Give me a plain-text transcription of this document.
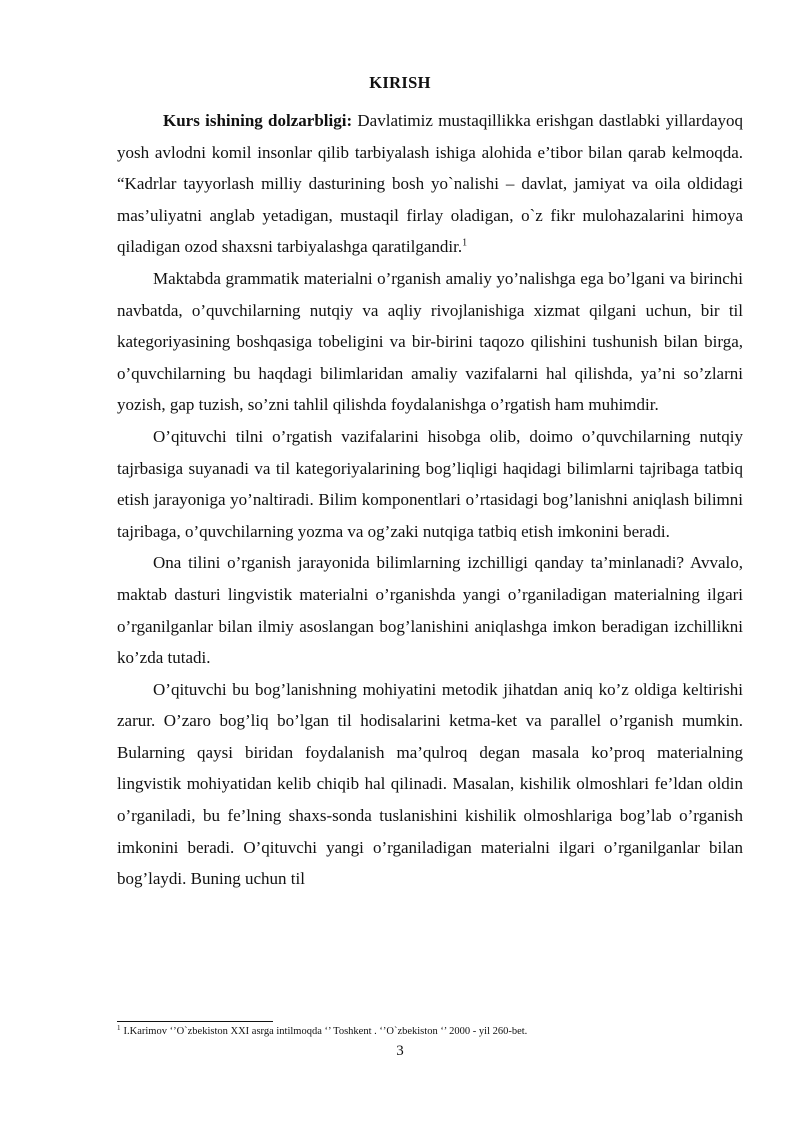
KIRISH

Kurs ishining dolzarbligi: Davlatimiz mustaqillikka erishgan dastlabki yillardayoq yosh avlodni komil insonlar qilib tarbiyalash ishiga alohida e’tibor bilan qarab kelmoqda. “Kadrlar tayyorlash milliy dasturining bosh yo`nalishi – davlat, jamiyat va oila oldidagi mas’uliyatni anglab yetadigan, mustaqil firlay oladigan, o`z fikr mulohazalarini himoya qiladigan ozod shaxsni tarbiyalashga qaratilgandir.$^1$

Maktabda grammatik materialni o’rganish amaliy yo’nalishga ega bo’lgani va birinchi navbatda, o’quvchilarning nutqiy va aqliy rivojlanishiga xizmat qilgani uchun, bir til kategoriyasining boshqasiga tobeligini va bir-birini taqozo qilishini tushunish bilan birga, o’quvchilarning bu haqdagi bilimlaridan amaliy vazifalarni hal qilishda, ya’ni so’zlarni yozish, gap tuzish, so’zni tahlil qilishda foydalanishga o’rgatish ham muhimdir.

O’qituvchi tilni o’rgatish vazifalarini hisobga olib, doimo o’quvchilarning nutqiy tajrbasiga suyanadi va til kategoriyalarining bog’liqligi haqidagi bilimlarni tajribaga tatbiq etish jarayoniga yo’naltiradi. Bilim komponentlari o’rtasidagi bog’lanishni aniqlash bilimni tajribaga, o’quvchilarning yozma va og’zaki nutqiga tatbiq etish imkonini beradi.

Ona tilini o’rganish jarayonida bilimlarning izchilligi qanday ta’minlanadi? Avvalo, maktab dasturi lingvistik materialni o’rganishda yangi o’rganiladigan materialning ilgari o’rganilganlar bilan ilmiy asoslangan bog’lanishini aniqlashga imkon beradigan izchillikni ko’zda tutadi.

O’qituvchi bu bog’lanishning mohiyatini metodik jihatdan aniq ko’z oldiga keltirishi zarur. O’zaro bog’liq bo’lgan til hodisalarini ketma-ket va parallel o’rganish mumkin. Bularning qaysi biridan foydalanish ma’qulroq degan masala ko’proq materialning lingvistik mohiyatidan kelib chiqib hal qilinadi. Masalan, kishilik olmoshlari fe’ldan oldin o’rganiladi, bu fe’lning shaxs-sonda tuslanishini kishilik olmoshlariga bog’lab o’rganish imkonini beradi. O’qituvchi yangi o’rganiladigan materialni ilgari o’rganilganlar bilan bog’laydi. Buning uchun til

$^1$ I.Karimov ‘’O`zbekiston XXI asrga intilmoqda ‘’ Toshkent . ‘’O`zbekiston ‘’ 2000 - yil 260-bet.
3
